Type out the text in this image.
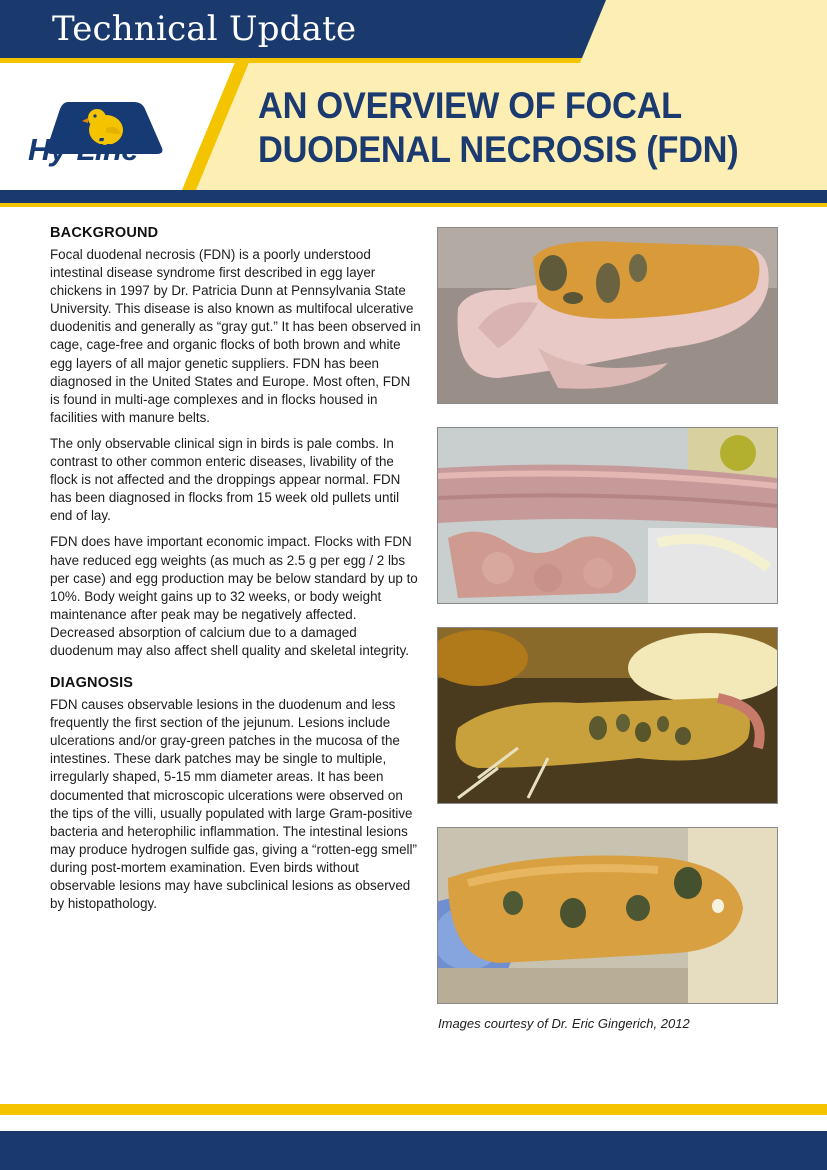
Technical Update
Hy-Line®
AN OVERVIEW OF FOCAL
DUODENAL NECROSIS (FDN)
BACKGROUND

Focal duodenal necrosis (FDN) is a poorly understood intestinal disease syndrome first described in egg layer chickens in 1997 by Dr. Patricia Dunn at Pennsylvania State University. This disease is also known as multifocal ulcerative duodenitis and generally as “gray gut.” It has been observed in cage, cage-free and organic flocks of both brown and white egg layers of all major genetic suppliers. FDN has been diagnosed in the United States and Europe. Most often, FDN is found in multi-age complexes and in flocks housed in facilities with manure belts.

The only observable clinical sign in birds is pale combs. In contrast to other common enteric diseases, livability of the flock is not affected and the droppings appear normal. FDN has been diagnosed in flocks from 15 week old pullets until end of lay.

FDN does have important economic impact. Flocks with FDN have reduced egg weights (as much as 2.5 g per egg / 2 lbs per case) and egg production may be below standard by up to 10%. Body weight gains up to 32 weeks, or body weight maintenance after peak may be negatively affected. Decreased absorption of calcium due to a damaged duodenum may also affect shell quality and skeletal integrity.

DIAGNOSIS

FDN causes observable lesions in the duodenum and less frequently the first section of the jejunum. Lesions include ulcerations and/or gray-green patches in the mucosa of the intestines. These dark patches may be single to multiple, irregularly shaped, 5-15 mm diameter areas. It has been documented that microscopic ulcerations were observed on the tips of the villi, usually populated with large Gram-positive bacteria and heterophilic inflammation. The intestinal lesions may produce hydrogen sulfide gas, giving a “rotten-egg smell” during post-mortem examination. Even birds without observable lesions may have subclinical lesions as observed by histopathology.

Images courtesy of Dr. Eric Gingerich, 2012
